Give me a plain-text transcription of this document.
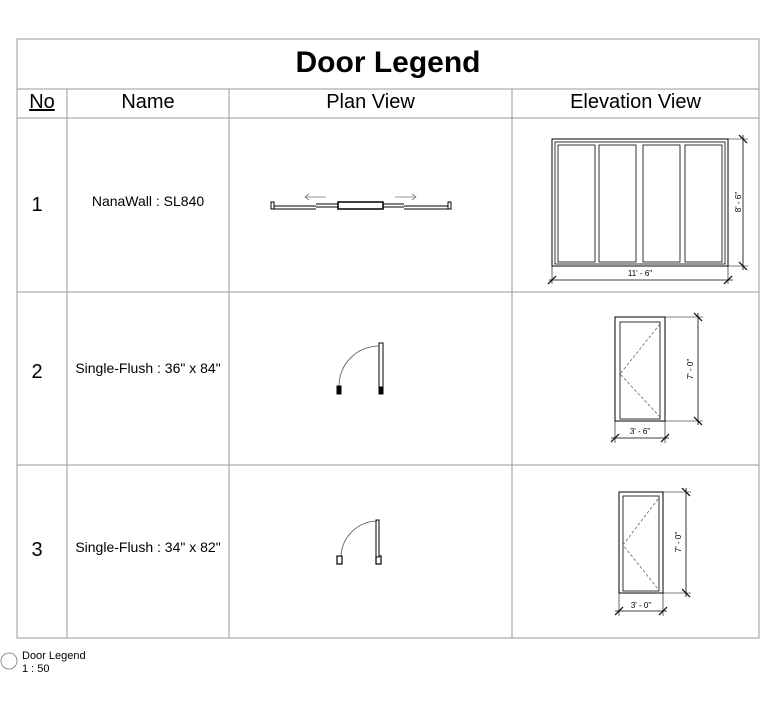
11' - 6"
8' - 6"
3' - 6"
7' - 0"
3' - 0"
7' - 0"
Door Legend
No	Name	Plan View	Elevation View
1	NanaWall : SL840
2	Single-Flush : 36" x 84"
3	Single-Flush : 34" x 82"
Door Legend
1 : 50
